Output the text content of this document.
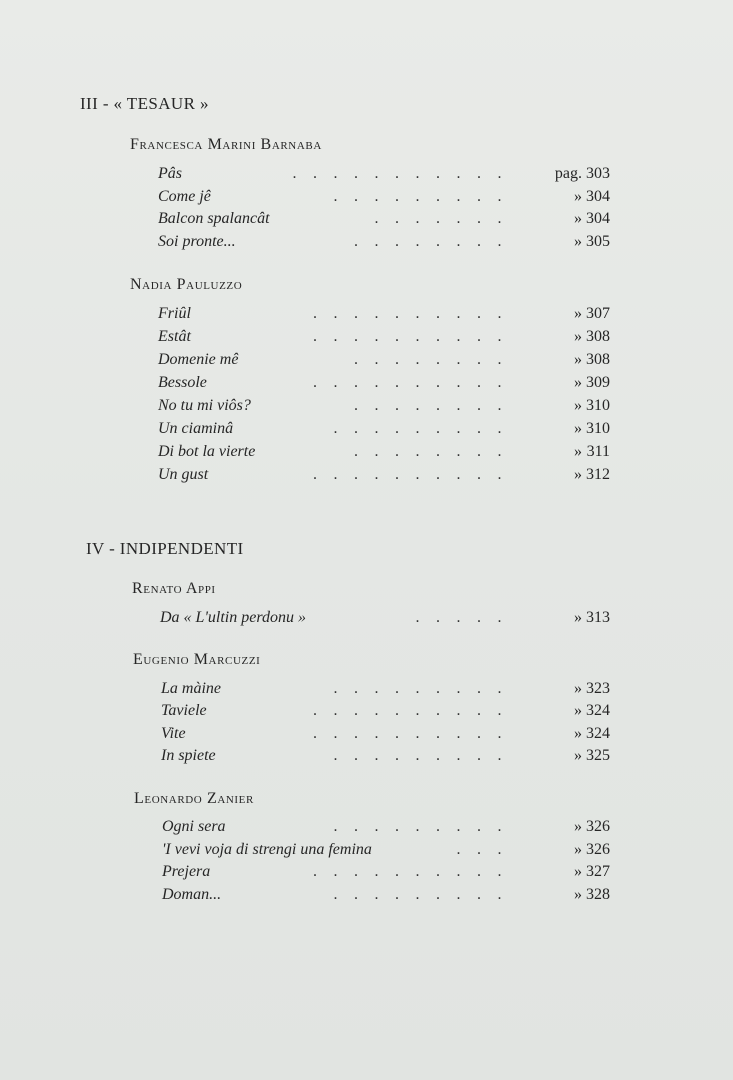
III - « TESAUR »
Francesca Marini Barnaba
...........
Pâs	pag. 303
.........
Come jê	» 304
.......
Balcon spalancât	» 304
........
Soi pronte...	» 305
Nadia Pauluzzo
..........
Friûl	» 307
..........
Estât	» 308
........
Domenie mê	» 308
..........
Bessole	» 309
........
No tu mi viôs?	» 310
.........
Un ciaminâ	» 310
........
Di bot la vierte	» 311
..........
Un gust	» 312
IV - INDIPENDENTI
Renato Appi
.....
Da « L'ultin perdonu »	» 313
Eugenio Marcuzzi
.........
La màine	» 323
..........
Taviele	» 324
..........
Vite	» 324
.........
In spiete	» 325
Leonardo Zanier
.........
Ogni sera	» 326
...
'I vevi voja di strengi una femina	» 326
..........
Prejera	» 327
.........
Doman...	» 328
